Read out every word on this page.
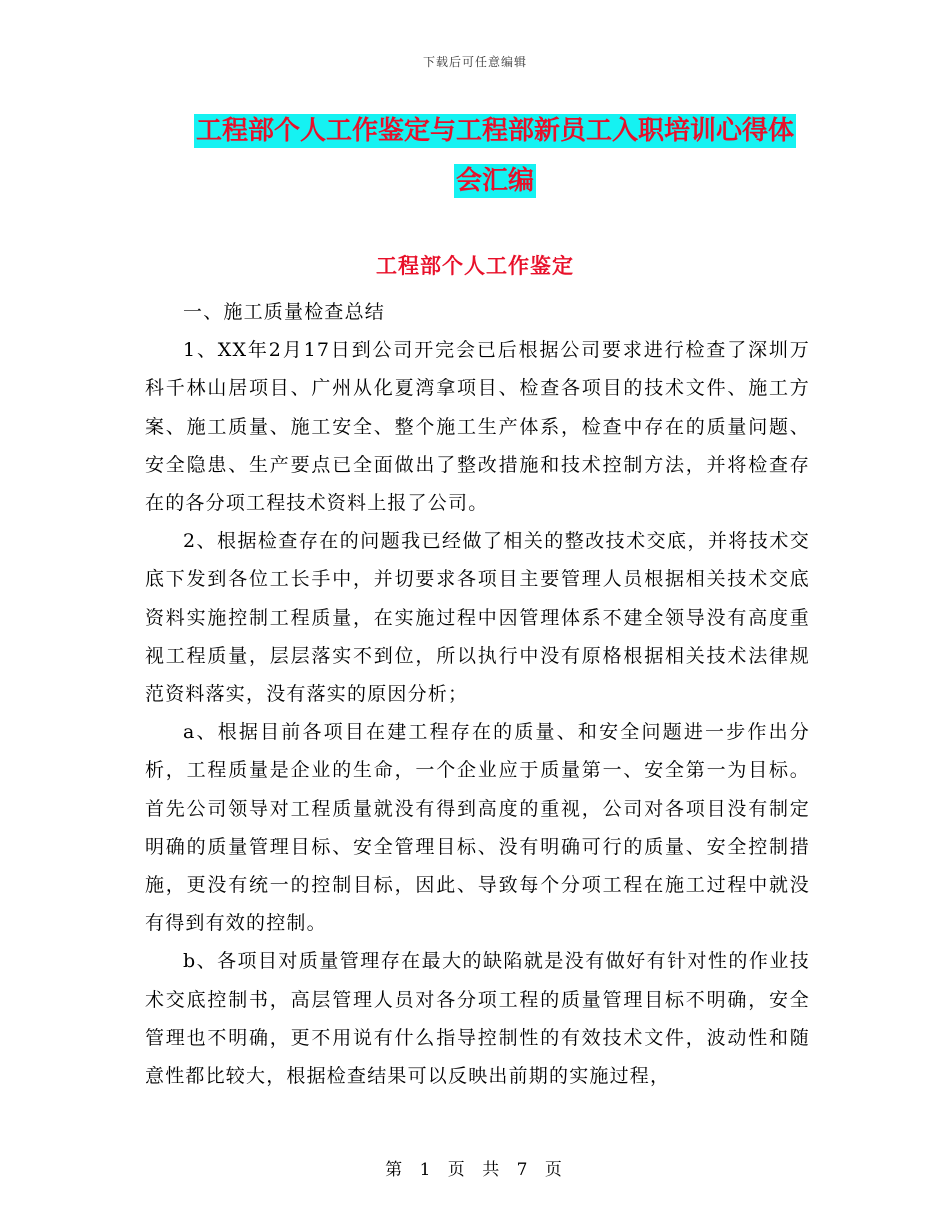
下载后可任意编辑
工程部个人工作鉴定与工程部新员工入职培训心得体
会汇编
工程部个人工作鉴定

一、施工质量检查总结

1、XX年2月17日到公司开完会已后根据公司要求进行检查了深圳万科千林山居项目、广州从化夏湾拿项目、检查各项目的技术文件、施工方案、施工质量、施工安全、整个施工生产体系，检查中存在的质量问题、安全隐患、生产要点已全面做出了整改措施和技术控制方法，并将检查存在的各分项工程技术资料上报了公司。

2、根据检查存在的问题我已经做了相关的整改技术交底，并将技术交底下发到各位工长手中，并切要求各项目主要管理人员根据相关技术交底资料实施控制工程质量，在实施过程中因管理体系不建全领导没有高度重视工程质量，层层落实不到位，所以执行中没有原格根据相关技术法律规范资料落实，没有落实的原因分析；

a、根据目前各项目在建工程存在的质量、和安全问题进一步作出分析，工程质量是企业的生命，一个企业应于质量第一、安全第一为目标。首先公司领导对工程质量就没有得到高度的重视，公司对各项目没有制定明确的质量管理目标、安全管理目标、没有明确可行的质量、安全控制措施，更没有统一的控制目标，因此、导致每个分项工程在施工过程中就没有得到有效的控制。

b、各项目对质量管理存在最大的缺陷就是没有做好有针对性的作业技术交底控制书，高层管理人员对各分项工程的质量管理目标不明确，安全管理也不明确，更不用说有什么指导控制性的有效技术文件，波动性和随意性都比较大，根据检查结果可以反映出前期的实施过程，

第 1 页 共 7 页
